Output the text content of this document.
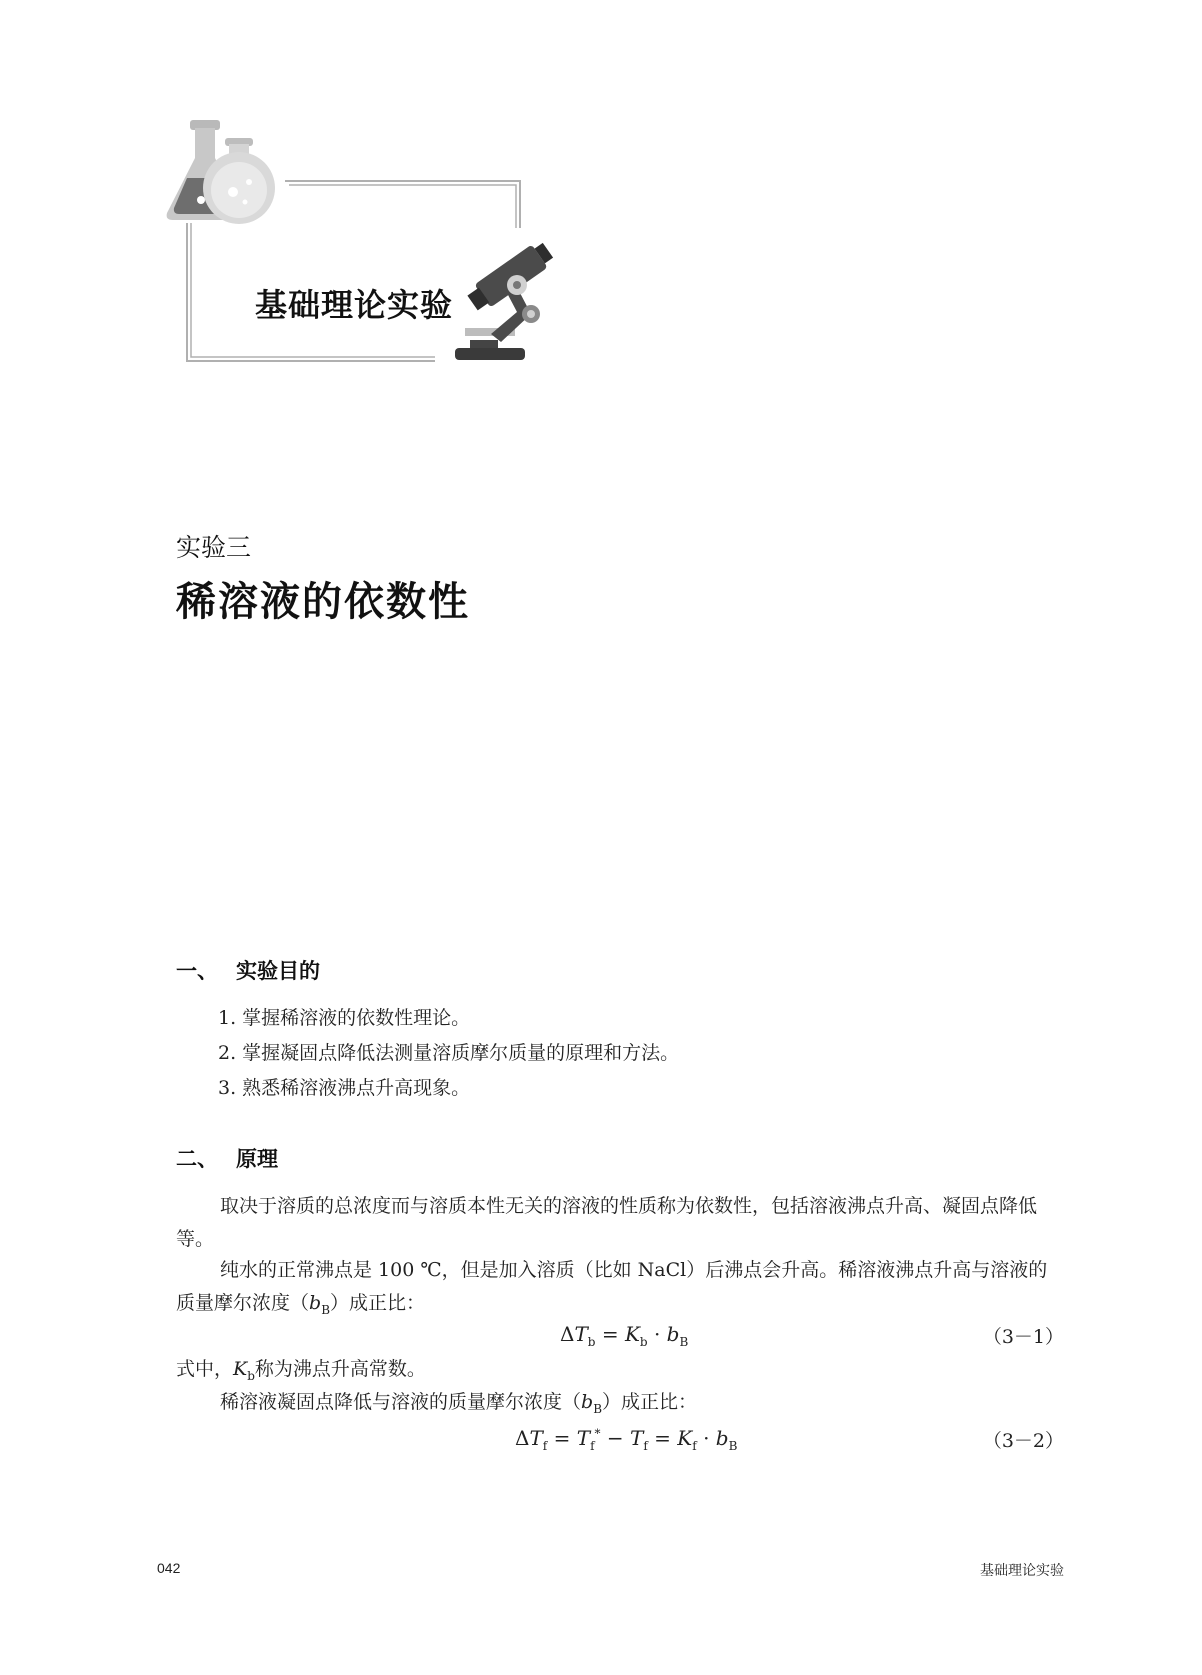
基础理论实验
实验三
稀溶液的依数性
一、 实验目的
1. 掌握稀溶液的依数性理论。
2. 掌握凝固点降低法测量溶质摩尔质量的原理和方法。
3. 熟悉稀溶液沸点升高现象。
二、 原理
取决于溶质的总浓度而与溶质本性无关的溶液的性质称为依数性，包括溶液沸点升高、凝固点降低等。
纯水的正常沸点是 100 ℃，但是加入溶质（比如 NaCl）后沸点会升高。稀溶液沸点升高与溶液的质量摩尔浓度$(b_B)$成正比：
$\Delta T_b = K_b \cdot b_B$	（3－1）
式中，$K_b$称为沸点升高常数。
稀溶液凝固点降低与溶液的质量摩尔浓度$(b_B)$成正比：
$\Delta T_f = T_f^* - T_f = K_f \cdot b_B$	（3－2）
042	基础理论实验
